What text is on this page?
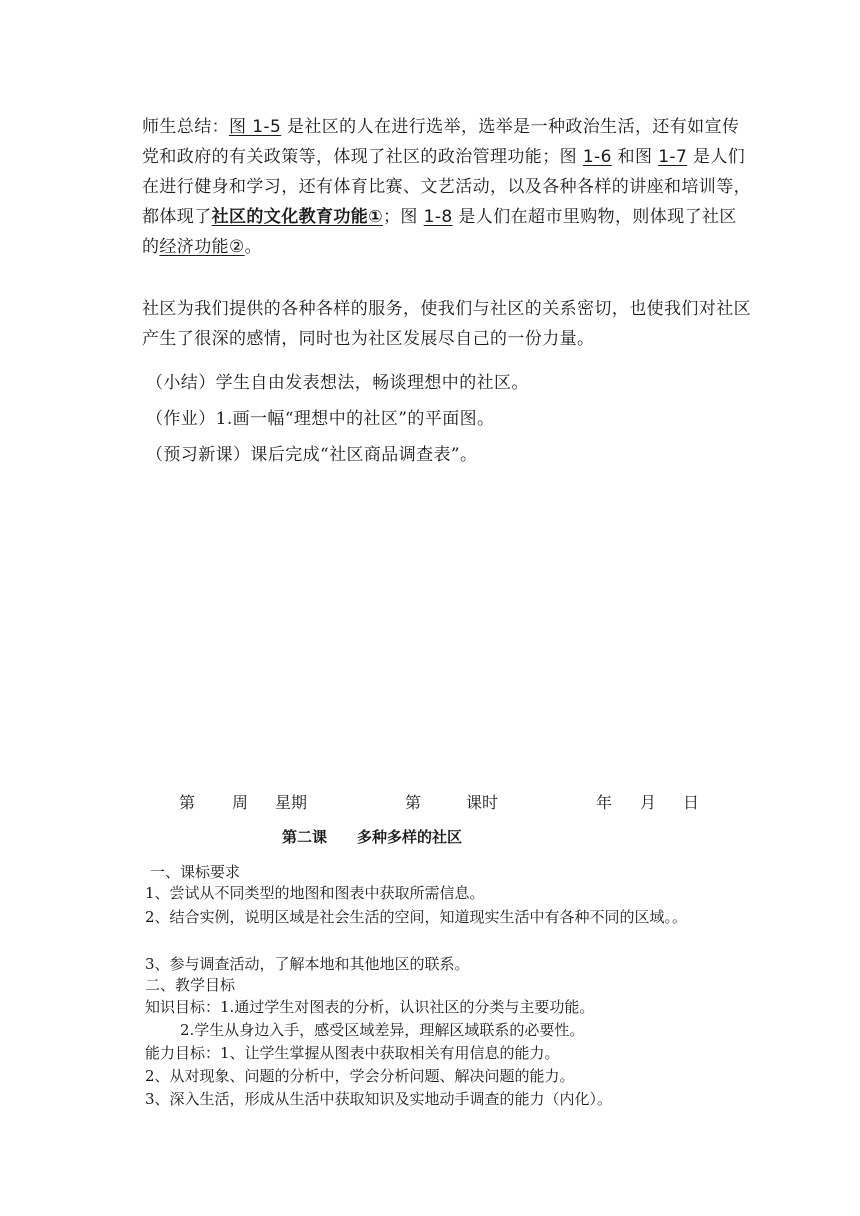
师生总结：图 1-5 是社区的人在进行选举，选举是一种政治生活，还有如宣传党和政府的有关政策等，体现了社区的政治管理功能；图 1-6 和图 1-7 是人们在进行健身和学习，还有体育比赛、文艺活动，以及各种各样的讲座和培训等，都体现了社区的文化教育功能①；图 1-8 是人们在超市里购物，则体现了社区的经济功能②。
社区为我们提供的各种各样的服务，使我们与社区的关系密切，也使我们对社区产生了很深的感情，同时也为社区发展尽自己的一份力量。
（小结）学生自由发表想法，畅谈理想中的社区。
（作业）1.画一幅“理想中的社区”的平面图。
（预习新课）课后完成“社区商品调查表”。
第 周 星期	第	课时	年 月 日
第二课　　多种多样的社区
一、课标要求
1、尝试从不同类型的地图和图表中获取所需信息。
2、结合实例，说明区域是社会生活的空间，知道现实生活中有各种不同的区域。。
3、参与调查活动，了解本地和其他地区的联系。
二、教学目标
知识目标：1.通过学生对图表的分析，认识社区的分类与主要功能。
2.学生从身边入手，感受区域差异，理解区域联系的必要性。
能力目标：1、让学生掌握从图表中获取相关有用信息的能力。
2、从对现象、问题的分析中，学会分析问题、解决问题的能力。
3、深入生活，形成从生活中获取知识及实地动手调查的能力（内化）。
